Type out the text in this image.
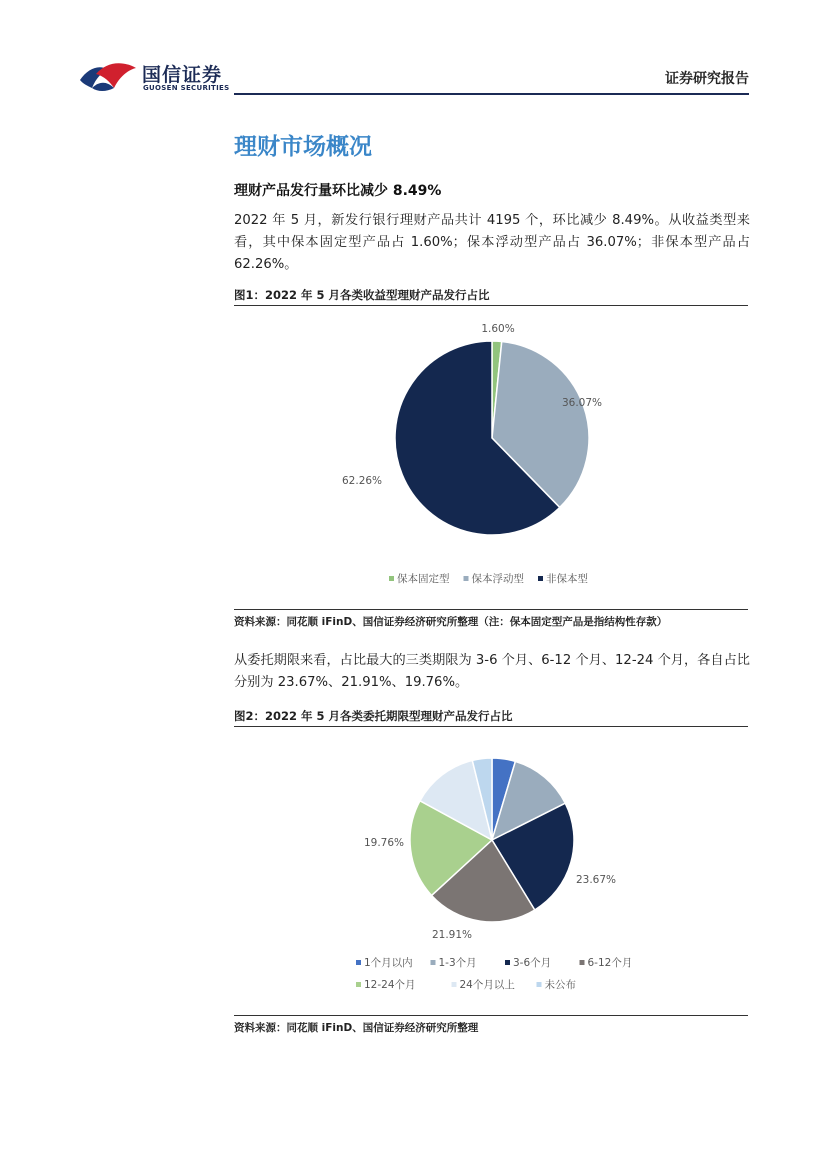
国信证券
GUOSEN SECURITIES
证券研究报告
理财市场概况
理财产品发行量环比减少 8.49%
2022 年 5 月，新发行银行理财产品共计 4195 个，环比减少 8.49%。从收益类型来看，其中保本固定型产品占 1.60%；保本浮动型产品占 36.07%；非保本型产品占 62.26%。
图1：2022 年 5 月各类收益型理财产品发行占比
1.60%
36.07%
62.26%
保本固定型 保本浮动型 非保本型
资料来源：同花顺 iFinD、国信证券经济研究所整理（注：保本固定型产品是指结构性存款）
从委托期限来看，占比最大的三类期限为 3-6 个月、6-12 个月、12-24 个月，各自占比分别为 23.67%、21.91%、19.76%。
图2：2022 年 5 月各类委托期限型理财产品发行占比
23.67%
21.91%
19.76%
1个月以内 1-3个月	3-6个月	6-12个月
12-24个月	24个月以上	未公布
资料来源：同花顺 iFinD、国信证券经济研究所整理
